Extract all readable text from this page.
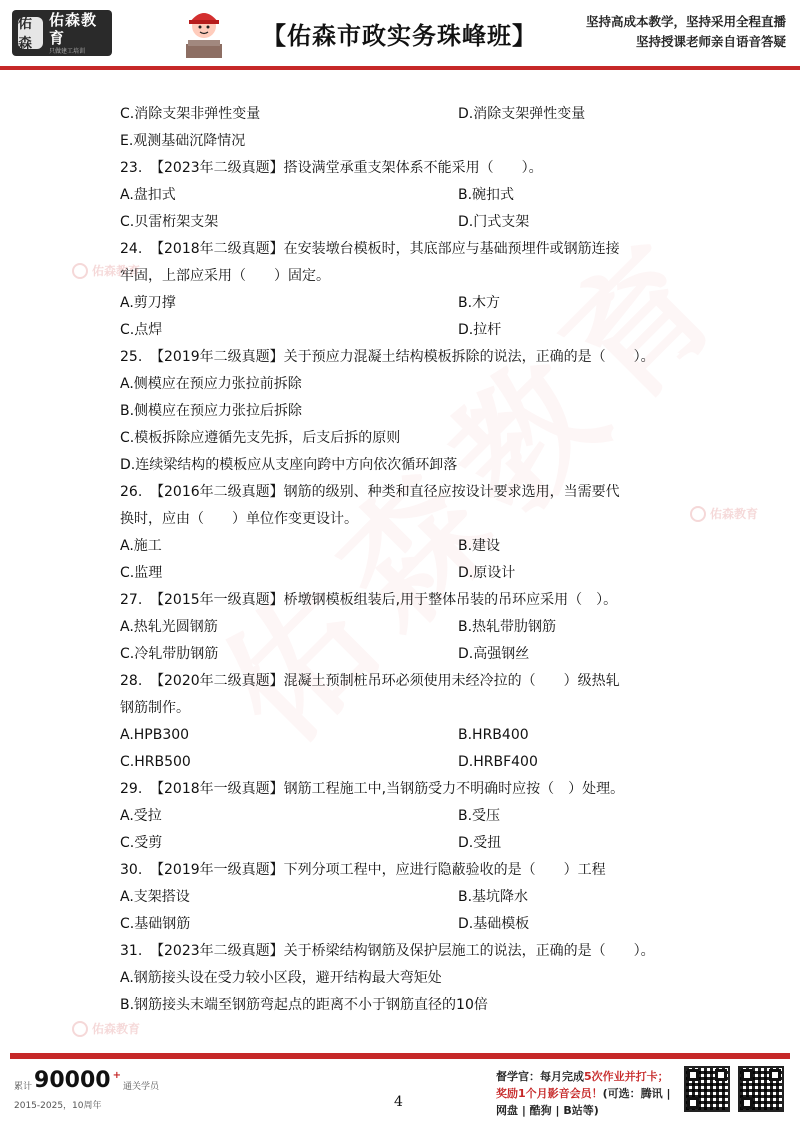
佑森
佑森教育
只做建工培训
【佑森市政实务珠峰班】
坚持高成本教学，坚持采用全程直播
坚持授课老师亲自语音答疑
佑森教育
佑森教育
佑森教育
C.消除支架非弹性变量	D.消除支架弹性变量
E.观测基础沉降情况
23. 【2023年二级真题】搭设满堂承重支架体系不能采用（　　）。
A.盘扣式	B.碗扣式
C.贝雷桁架支架	D.门式支架
24. 【2018年二级真题】在安装墩台模板时，其底部应与基础预埋件或钢筋连接
牢固，上部应采用（　　）固定。
A.剪刀撑	B.木方
C.点焊	D.拉杆
25. 【2019年二级真题】关于预应力混凝土结构模板拆除的说法，正确的是（　　）。
A.侧模应在预应力张拉前拆除
B.侧模应在预应力张拉后拆除
C.模板拆除应遵循先支先拆，后支后拆的原则
D.连续梁结构的模板应从支座向跨中方向依次循环卸落
26. 【2016年二级真题】钢筋的级别、种类和直径应按设计要求选用，当需要代
换时，应由（　　）单位作变更设计。
A.施工	B.建设
C.监理	D.原设计
27. 【2015年一级真题】桥墩钢模板组装后,用于整体吊装的吊环应采用（　）。
A.热轧光圆钢筋	B.热轧带肋钢筋
C.冷轧带肋钢筋	D.高强钢丝
28. 【2020年二级真题】混凝土预制桩吊环必须使用未经冷拉的（　　）级热轧
钢筋制作。
A.HPB300	B.HRB400
C.HRB500	D.HRBF400
29. 【2018年一级真题】钢筋工程施工中,当钢筋受力不明确时应按（　）处理。
A.受拉	B.受压
C.受剪	D.受扭
30. 【2019年一级真题】下列分项工程中，应进行隐蔽验收的是（　　）工程
A.支架搭设	B.基坑降水
C.基础钢筋	D.基础模板
31. 【2023年二级真题】关于桥梁结构钢筋及保护层施工的说法，正确的是（　　）。
A.钢筋接头设在受力较小区段，避开结构最大弯矩处
B.钢筋接头末端至钢筋弯起点的距离不小于钢筋直径的10倍
累计 90000 +
通关学员
2015-2025，10周年	4
督学官：每月完成5次作业并打卡；
奖励1个月影音会员！(可选：腾讯 |
网盘 | 酷狗 | B站等)
